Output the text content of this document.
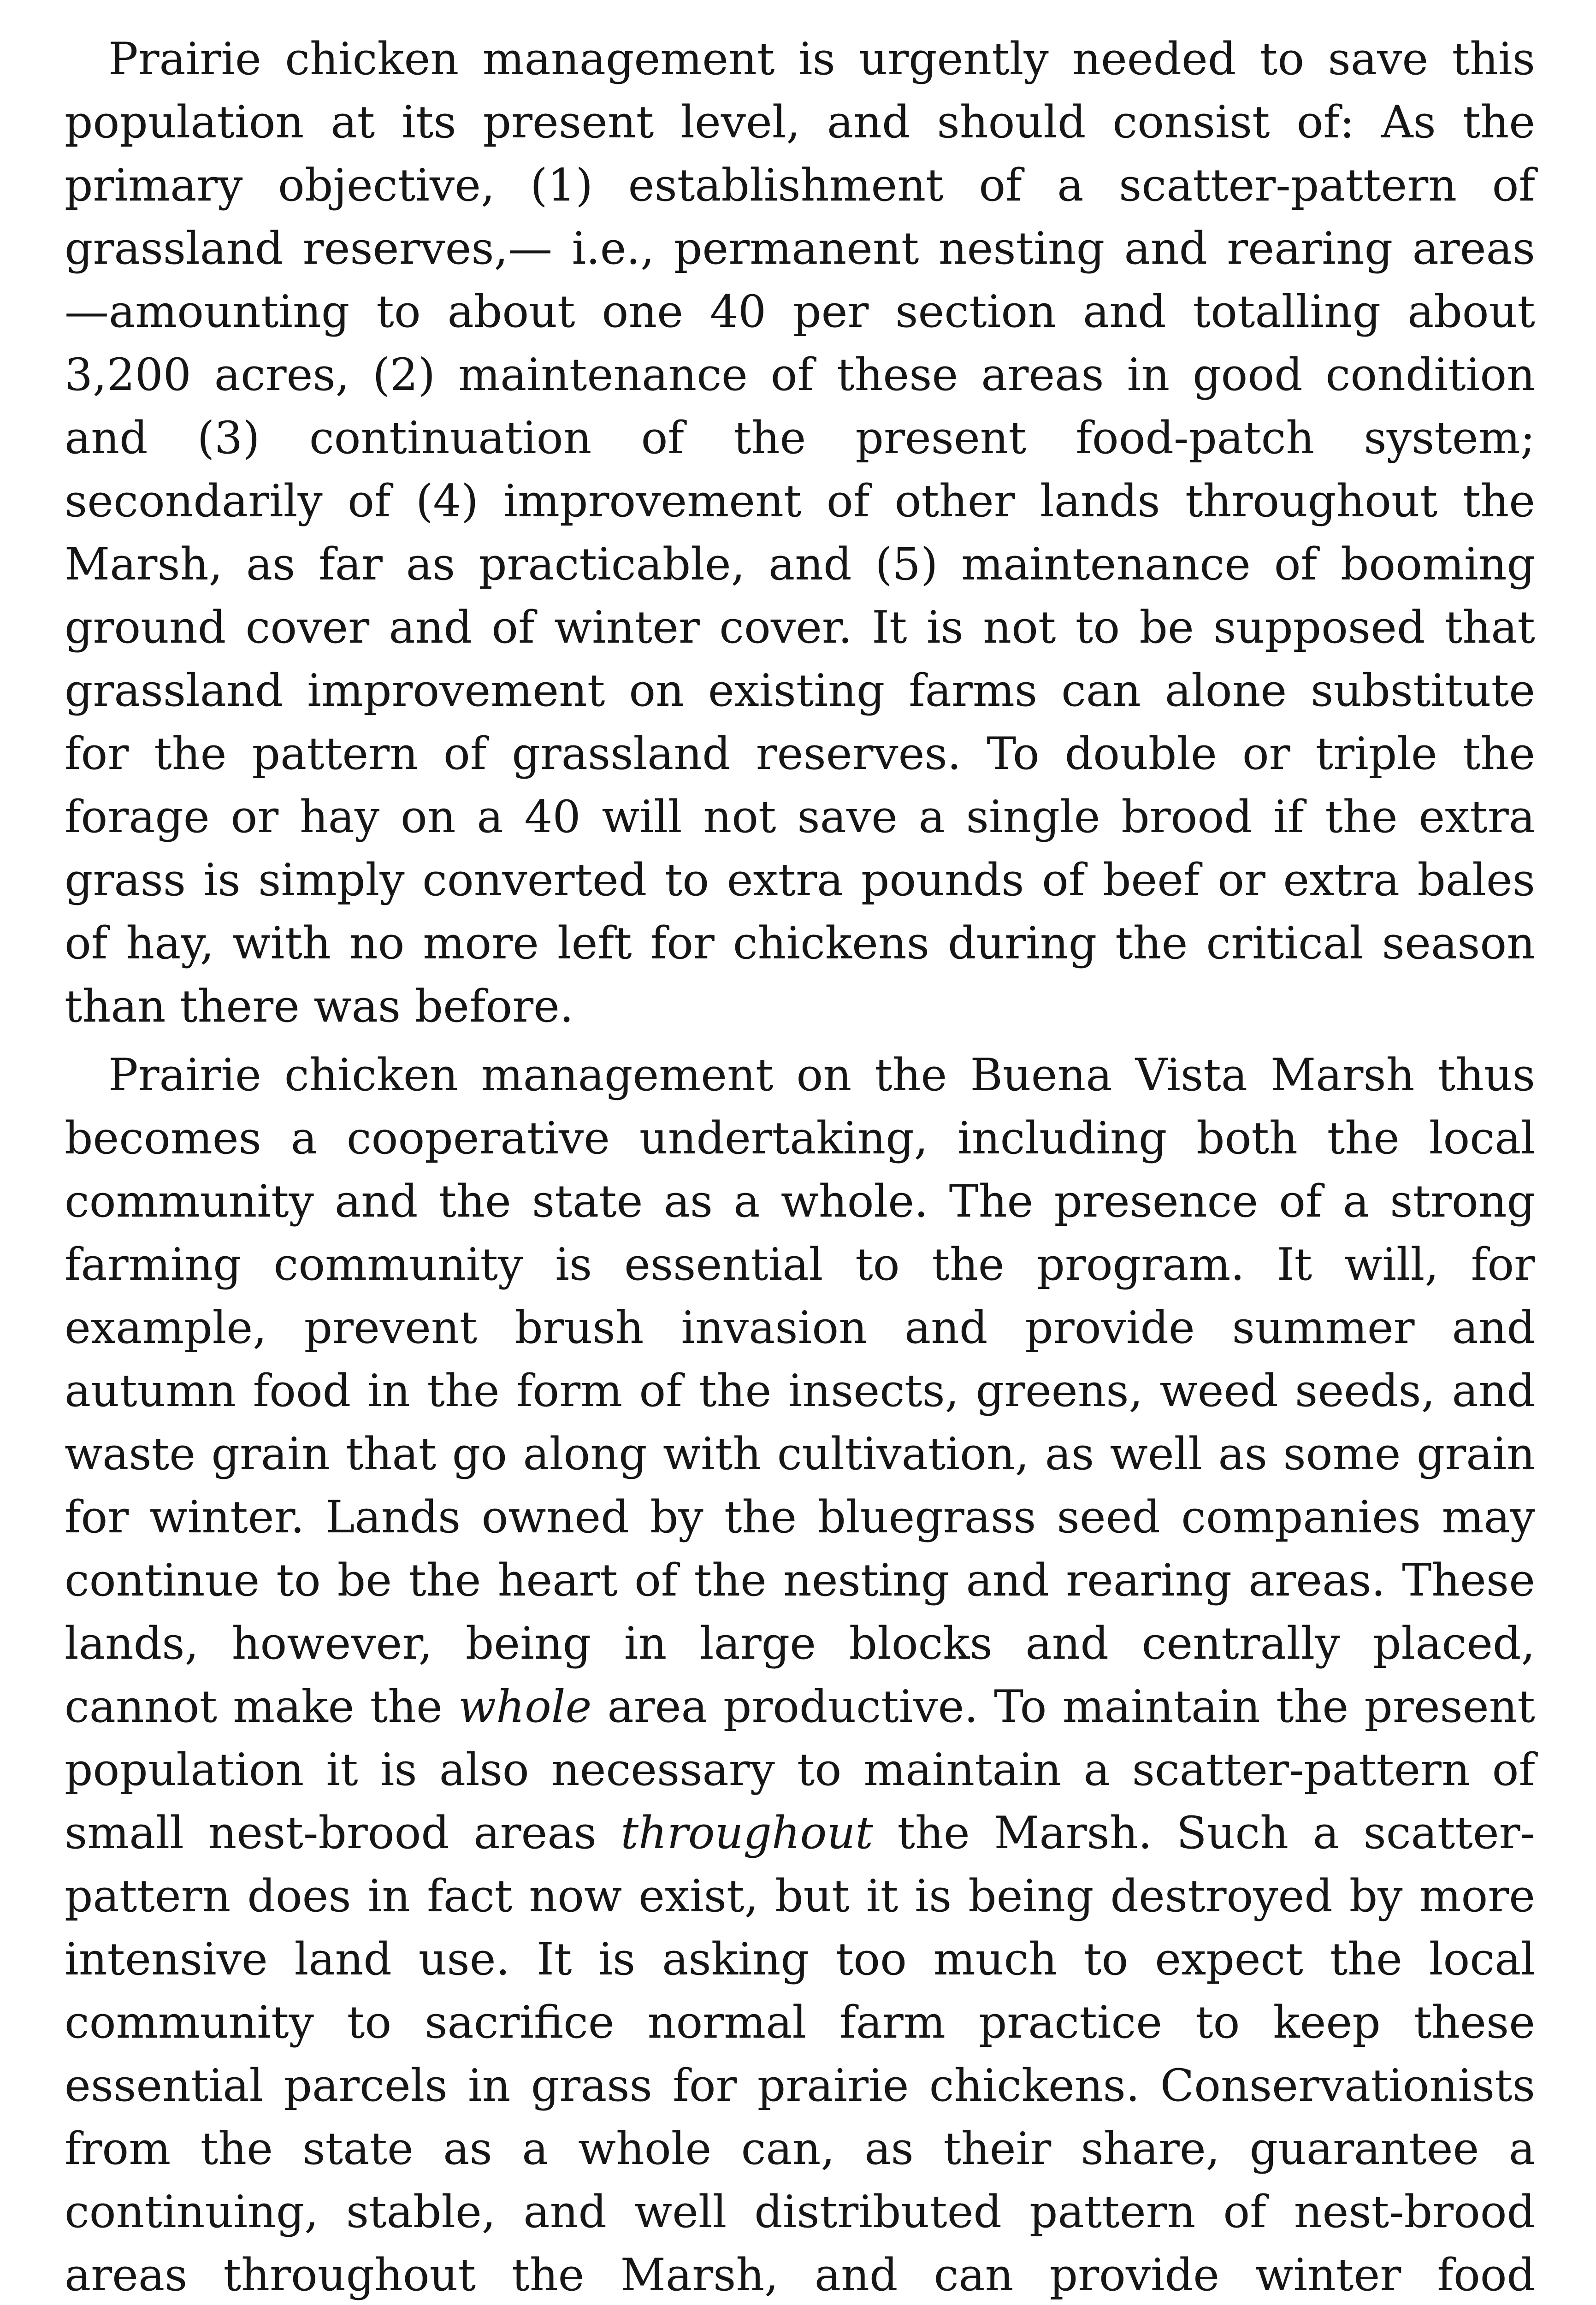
Prairie chicken management is urgently needed to save this population at its present level, and should consist of: As the primary objective, (1) establishment of a scatter-pattern of grassland reserves,— i.e., permanent nesting and rearing areas—amounting to about one 40 per section and totalling about 3,200 acres, (2) maintenance of these areas in good condition and (3) continuation of the present food-patch system; secondarily of (4) improvement of other lands throughout the Marsh, as far as practicable, and (5) maintenance of booming ground cover and of winter cover. It is not to be supposed that grassland improvement on existing farms can alone substitute for the pattern of grassland reserves. To double or triple the forage or hay on a 40 will not save a single brood if the extra grass is simply converted to extra pounds of beef or extra bales of hay, with no more left for chickens during the critical season than there was before.

Prairie chicken management on the Buena Vista Marsh thus becomes a cooperative undertaking, including both the local community and the state as a whole. The presence of a strong farming community is essential to the program. It will, for example, prevent brush invasion and provide summer and autumn food in the form of the insects, greens, weed seeds, and waste grain that go along with cultivation, as well as some grain for winter. Lands owned by the bluegrass seed companies may continue to be the heart of the nesting and rearing areas. These lands, however, being in large blocks and centrally placed, cannot make the whole area productive. To maintain the present population it is also necessary to maintain a scatter-pattern of small nest-brood areas throughout the Marsh. Such a scatter-pattern does in fact now exist, but it is being destroyed by more intensive land use. It is asking too much to expect the local community to sacrifice normal farm practice to keep these essential parcels in grass for prairie chickens. Conservationists from the state as a whole can, as their share, guarantee a continuing, stable, and well distributed pattern of nest-brood areas throughout the Marsh, and can provide winter food
